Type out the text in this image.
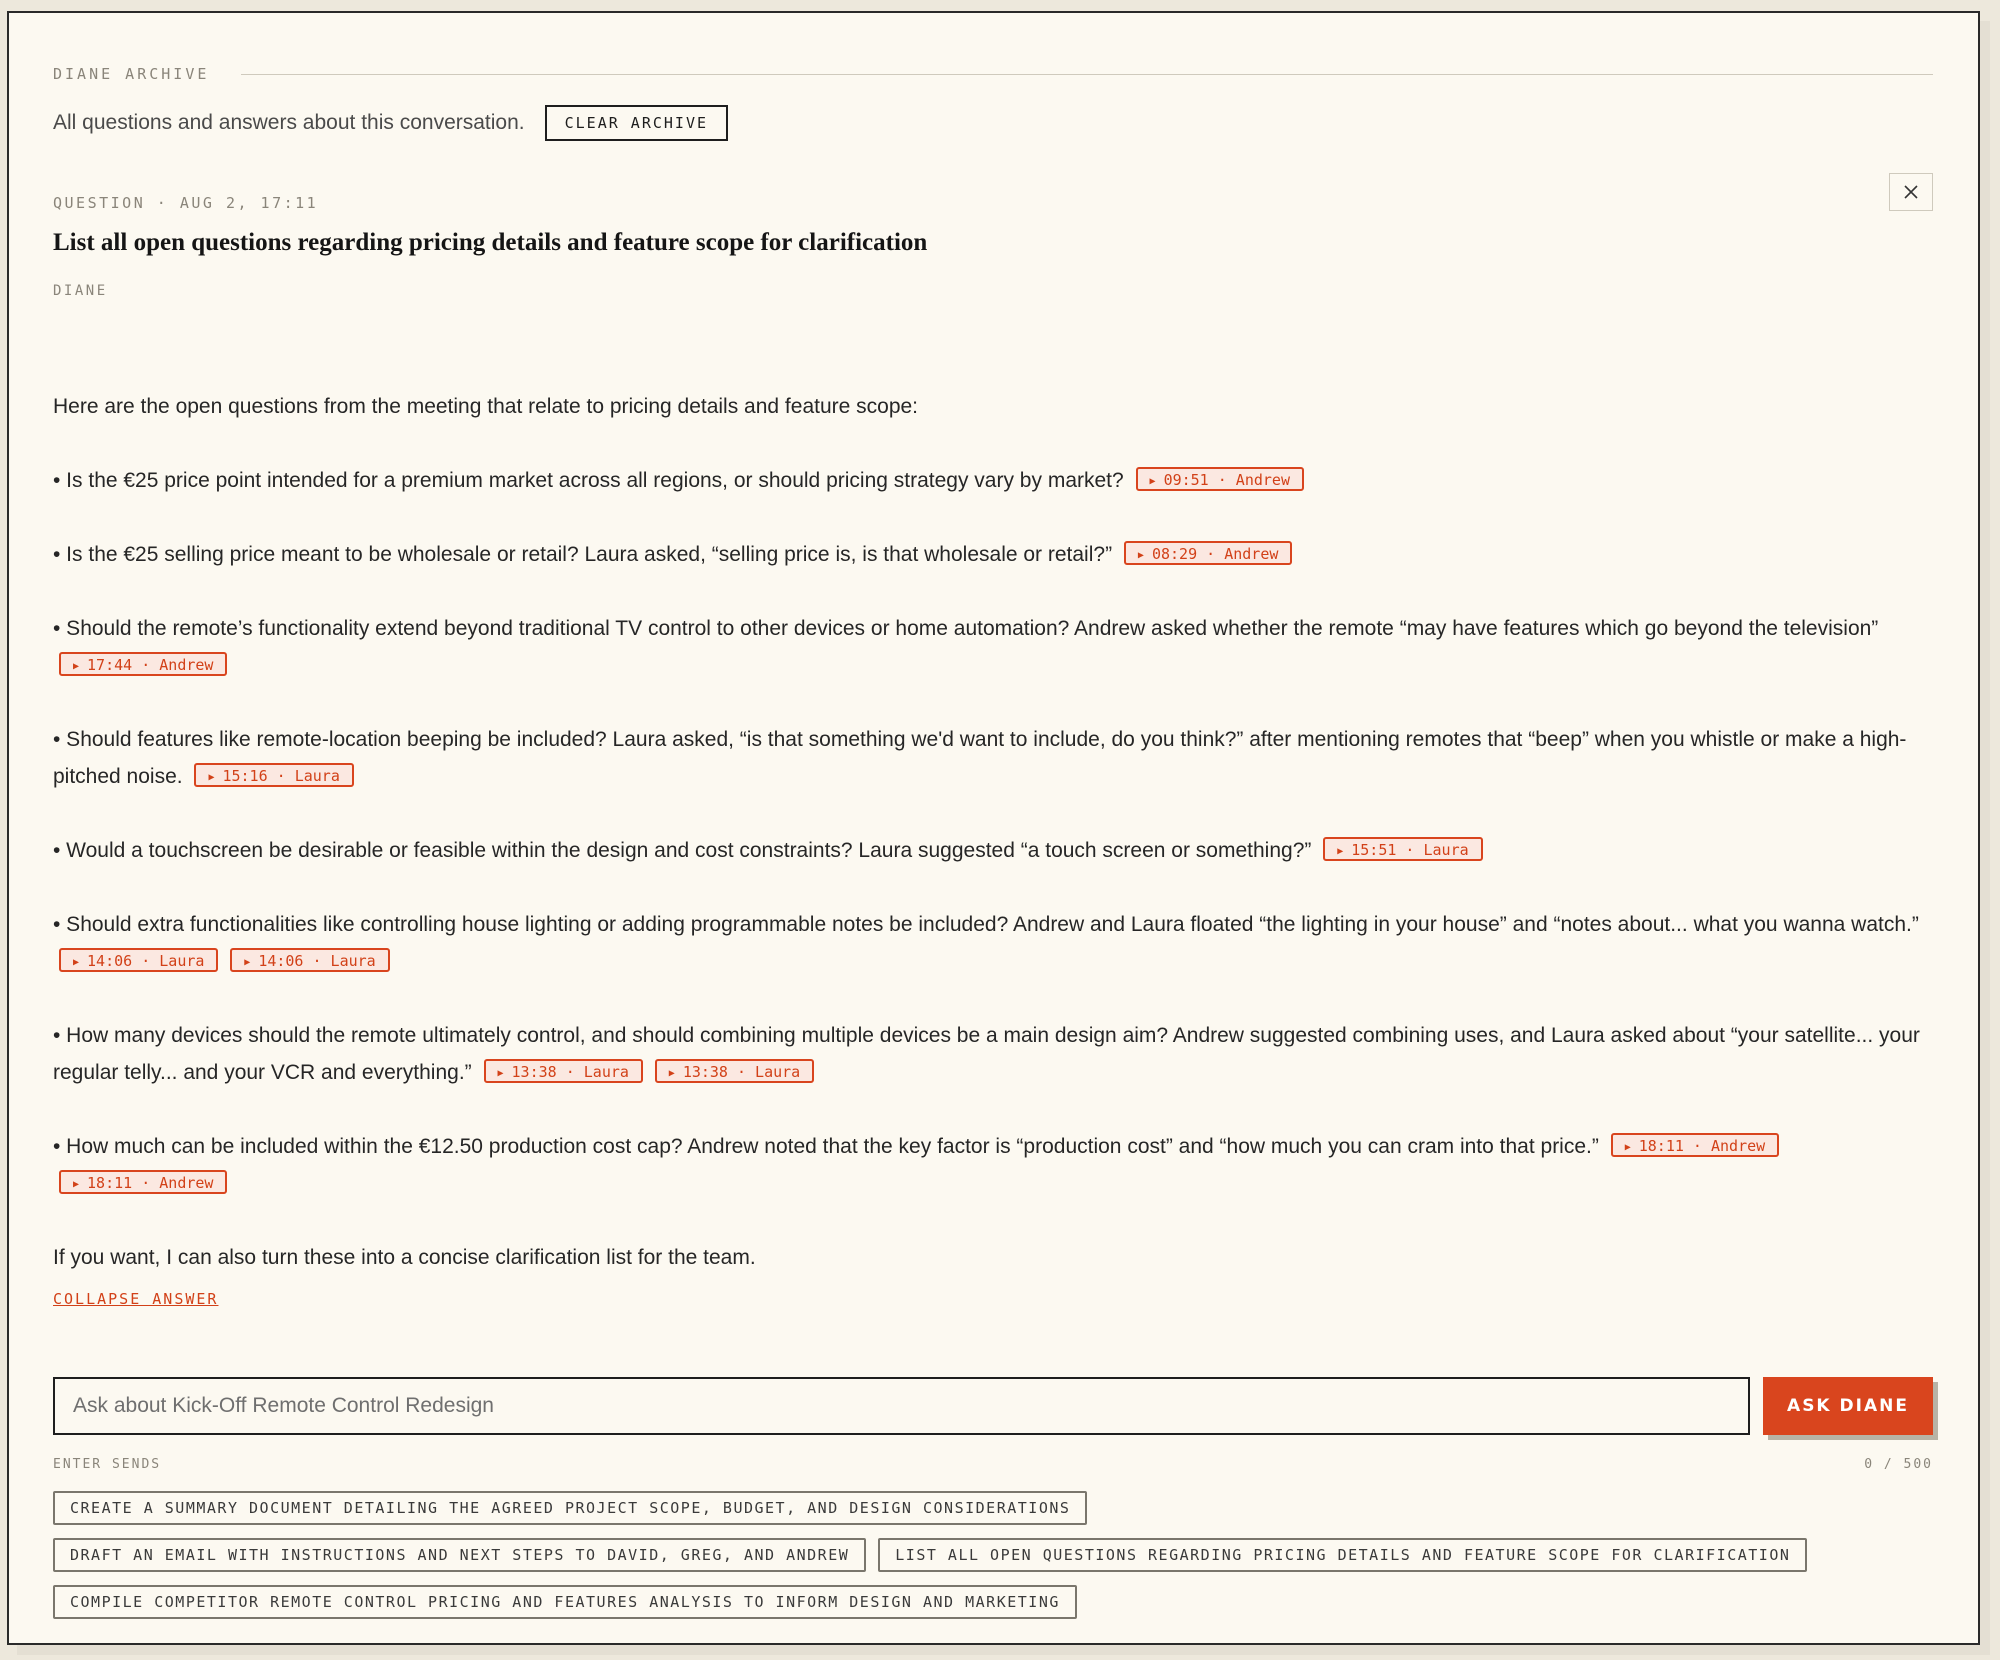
DIANE ARCHIVE
All questions and answers about this conversation.	CLEAR ARCHIVE
QUESTION · AUG 2, 17:11
List all open questions regarding pricing details and feature scope for clarification
DIANE

Here are the open questions from the meeting that relate to pricing details and feature scope:

• Is the €25 price point intended for a premium market across all regions, or should pricing strategy vary by market?	▶ 09:51 · Andrew

• Is the €25 selling price meant to be wholesale or retail? Laura asked, “selling price is, is that wholesale or retail?”	▶ 08:29 · Andrew

• Should the remote’s functionality extend beyond traditional TV control to other devices or home automation? Andrew asked whether the remote “may have features which go beyond the television” ▶ 17:44 · Andrew

• Should features like remote-location beeping be included? Laura asked, “is that something we'd want to include, do you think?” after mentioning remotes that “beep” when you whistle or make a high-pitched noise.	▶ 15:16 · Laura

• Would a touchscreen be desirable or feasible within the design and cost constraints? Laura suggested “a touch screen or something?”	▶ 15:51 · Laura

• Should extra functionalities like controlling house lighting or adding programmable notes be included? Andrew and Laura floated “the lighting in your house” and “notes about... what you wanna watch.” ▶ 14:06 · Laura	▶ 14:06 · Laura

• How many devices should the remote ultimately control, and should combining multiple devices be a main design aim? Andrew suggested combining uses, and Laura asked about “your satellite... your regular telly... and your VCR and everything.”	▶ 13:38 · Laura	▶ 13:38 · Laura

• How much can be included within the €12.50 production cost cap? Andrew noted that the key factor is “production cost” and “how much you can cram into that price.”	▶ 18:11 · Andrew ▶ 18:11 · Andrew

If you want, I can also turn these into a concise clarification list for the team.

COLLAPSE ANSWER
Ask about Kick-Off Remote Control Redesign
ASK DIANE
ENTER SENDS	0 / 500
CREATE A SUMMARY DOCUMENT DETAILING THE AGREED PROJECT SCOPE, BUDGET, AND DESIGN CONSIDERATIONS
DRAFT AN EMAIL WITH INSTRUCTIONS AND NEXT STEPS TO DAVID, GREG, AND ANDREW	LIST ALL OPEN QUESTIONS REGARDING PRICING DETAILS AND FEATURE SCOPE FOR CLARIFICATION
COMPILE COMPETITOR REMOTE CONTROL PRICING AND FEATURES ANALYSIS TO INFORM DESIGN AND MARKETING
